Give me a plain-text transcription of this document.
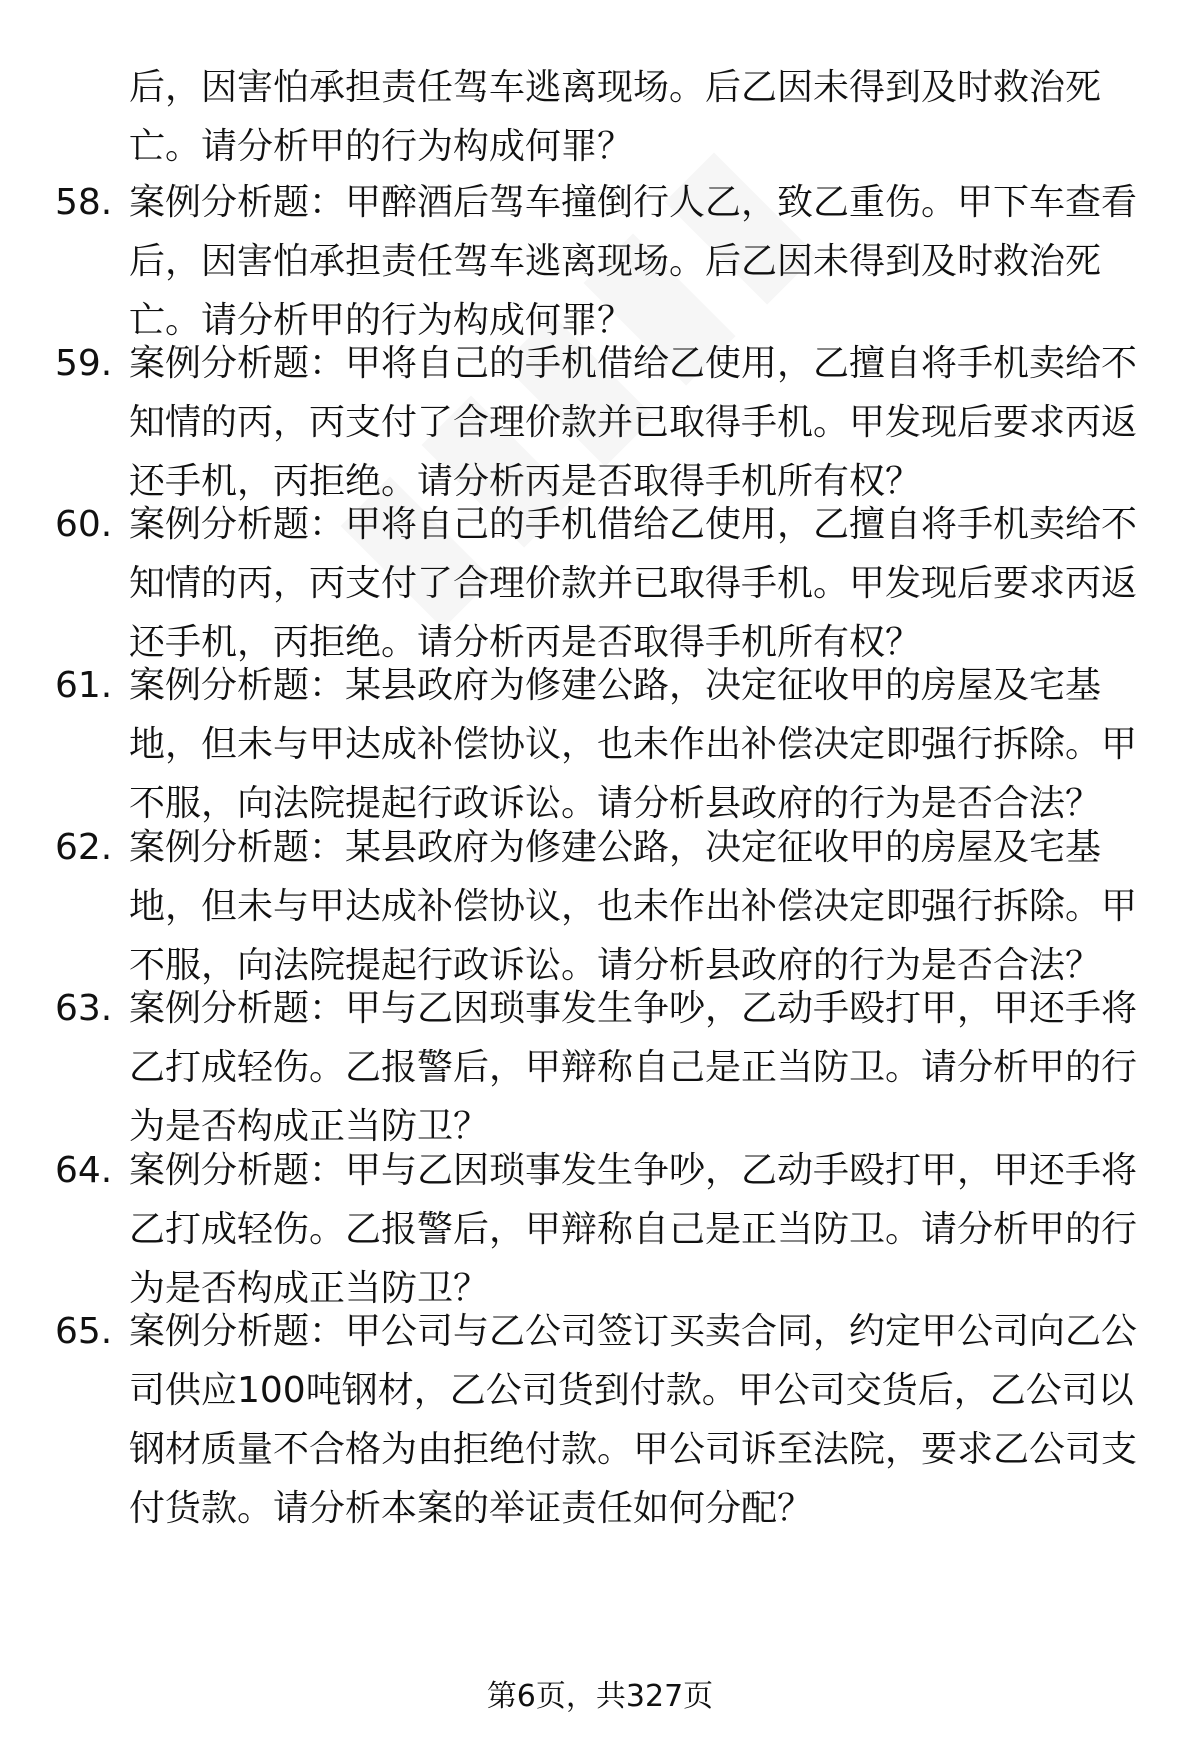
后，因害怕承担责任驾车逃离现场。后乙因未得到及时救治死亡。请分析甲的行为构成何罪？
58. 案例分析题：甲醉酒后驾车撞倒行人乙，致乙重伤。甲下车查看后，因害怕承担责任驾车逃离现场。后乙因未得到及时救治死亡。请分析甲的行为构成何罪？
59. 案例分析题：甲将自己的手机借给乙使用，乙擅自将手机卖给不知情的丙，丙支付了合理价款并已取得手机。甲发现后要求丙返还手机，丙拒绝。请分析丙是否取得手机所有权？
60. 案例分析题：甲将自己的手机借给乙使用，乙擅自将手机卖给不知情的丙，丙支付了合理价款并已取得手机。甲发现后要求丙返还手机，丙拒绝。请分析丙是否取得手机所有权？
61. 案例分析题：某县政府为修建公路，决定征收甲的房屋及宅基地，但未与甲达成补偿协议，也未作出补偿决定即强行拆除。甲不服，向法院提起行政诉讼。请分析县政府的行为是否合法？
62. 案例分析题：某县政府为修建公路，决定征收甲的房屋及宅基地，但未与甲达成补偿协议，也未作出补偿决定即强行拆除。甲不服，向法院提起行政诉讼。请分析县政府的行为是否合法？
63. 案例分析题：甲与乙因琐事发生争吵，乙动手殴打甲，甲还手将乙打成轻伤。乙报警后，甲辩称自己是正当防卫。请分析甲的行为是否构成正当防卫？
64. 案例分析题：甲与乙因琐事发生争吵，乙动手殴打甲，甲还手将乙打成轻伤。乙报警后，甲辩称自己是正当防卫。请分析甲的行为是否构成正当防卫？
65. 案例分析题：甲公司与乙公司签订买卖合同，约定甲公司向乙公司供应100吨钢材，乙公司货到付款。甲公司交货后，乙公司以钢材质量不合格为由拒绝付款。甲公司诉至法院，要求乙公司支付货款。请分析本案的举证责任如何分配？
第6页，共327页
